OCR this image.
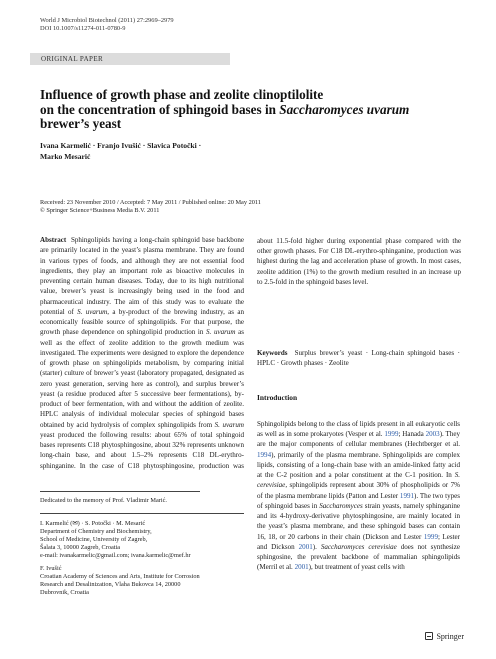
World J Microbiol Biotechnol (2011) 27:2969–2979
DOI 10.1007/s11274-011-0780-9
ORIGINAL PAPER
Influence of growth phase and zeolite clinoptilolite
on the concentration of sphingoid bases in Saccharomyces uvarum
brewer’s yeast
Ivana Karmelić · Franjo Ivušić · Slavica Potočki ·
Marko Mesarić
Received: 23 November 2010 / Accepted: 7 May 2011 / Published online: 20 May 2011
© Springer Science+Business Media B.V. 2011

Abstract Sphingolipids having a long-chain sphingoid base backbone are primarily located in the yeast’s plasma membrane. They are found in various types of foods, and although they are not essential food ingredients, they play an important role as bioactive molecules in preventing certain human diseases. Today, due to its high nutritional value, brewer’s yeast is increasingly being used in the food and pharmaceutical industry. The aim of this study was to evaluate the potential of S. uvarum, a by-product of the brewing industry, as an economically feasible source of sphingolipids. For that purpose, the growth phase dependence on sphingolipid production in S. uvarum as well as the effect of zeolite addition to the growth medium was investigated. The experiments were designed to explore the dependence of growth phase on sphingolipids metabolism, by comparing initial (starter) culture of brewer’s yeast (laboratory propagated, designated as zero yeast generation, serving here as control), and surplus brewer’s yeast (a residue produced after 5 successive beer fermentations), by-product of beer fermentation, with and without the addition of zeolite. HPLC analysis of individual molecular species of sphingoid bases obtained by acid hydrolysis of complex sphingolipids from S. uvarum yeast produced the following results: about 65% of total sphingoid bases represents C18 phytosphingosine, about 32% represents unknown long-chain base, and about 1.5–2% represents C18 DL-erythro-sphinganine. In the case of C18 phytosphingosine, production was

Dedicated to the memory of Prof. Vladimir Marić.
I. Karmelić (✉) · S. Potočki · M. Mesarić
Department of Chemistry and Biochemistry,
School of Medicine, University of Zagreb,
Šalata 3, 10000 Zagreb, Croatia
e-mail: ivanakarmelic@gmail.com; ivana.karmelic@mef.hr
F. Ivušić
Croatian Academy of Sciences and Arts, Institute for Corrosion
Research and Desalinization, Vlaha Bukovca 14, 20000
Dubrovnik, Croatia

about 11.5-fold higher during exponential phase compared with the other growth phases. For C18 DL-erythro-sphinganine, production was highest during the lag and acceleration phase of growth. In most cases, zeolite addition (1%) to the growth medium resulted in an increase up to 2.5-fold in the sphingoid bases level.

Keywords Surplus brewer’s yeast · Long-chain sphingoid bases · HPLC · Growth phases · Zeolite

Introduction

Sphingolipids belong to the class of lipids present in all eukaryotic cells as well as in some prokaryotes (Vesper et al. 1999; Hanada 2003). They are the major components of cellular membranes (Hechtberger et al. 1994), primarily of the plasma membrane. Sphingolipids are complex lipids, consisting of a long-chain base with an amide-linked fatty acid at the C-2 position and a polar constituent at the C-1 position. In S. cerevisiae, sphingolipids represent about 30% of phospholipids or 7% of the plasma membrane lipids (Patton and Lester 1991). The two types of sphingoid bases in Saccharomyces strain yeasts, namely sphinganine and its 4-hydroxy-derivative phytosphingosine, are mainly located in the yeast’s plasma membrane, and these sphingoid bases can contain 16, 18, or 20 carbons in their chain (Dickson and Lester 1999; Lester and Dickson 2001). Saccharomyces cerevisiae does not synthesize sphingosine, the prevalent backbone of mammalian sphingolipids (Merril et al. 2001), but treatment of yeast cells with

Springer
